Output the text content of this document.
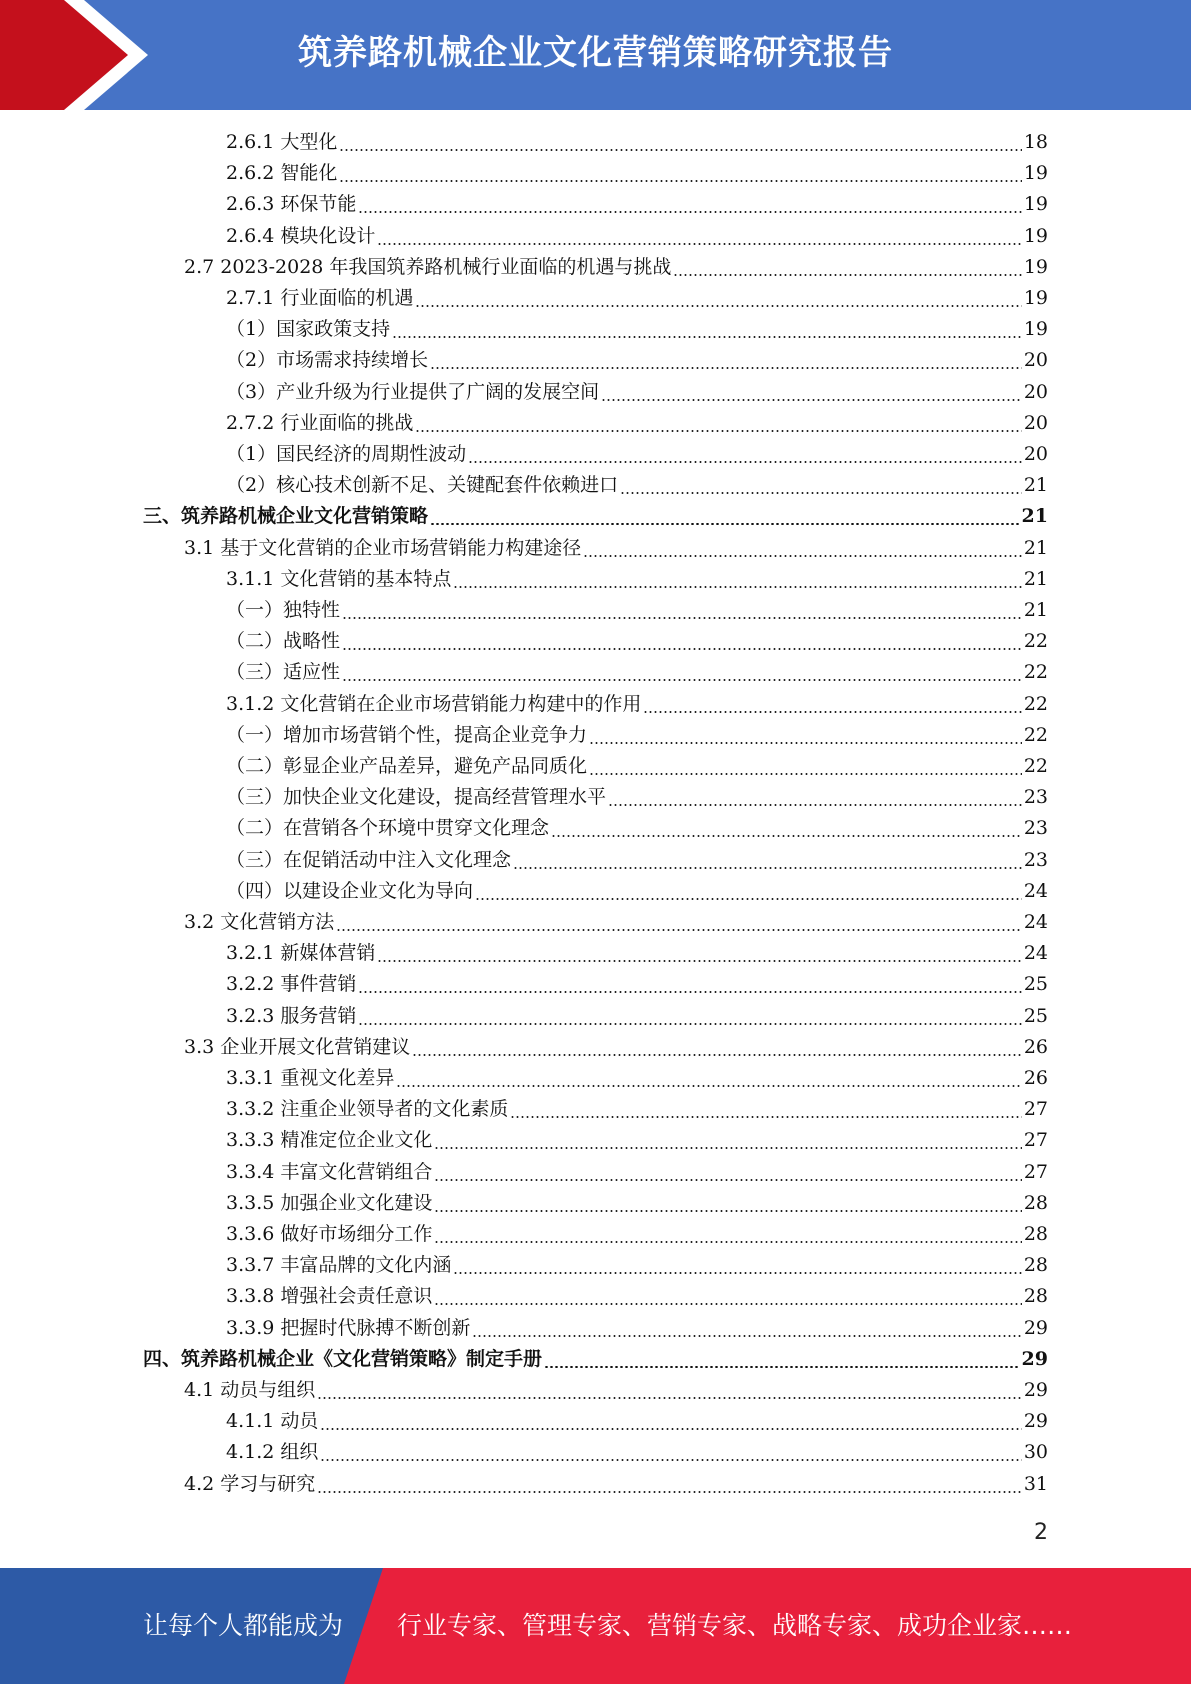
筑养路机械企业文化营销策略研究报告
2.6.1 大型化	18
2.6.2 智能化	19
2.6.3 环保节能	19
2.6.4 模块化设计	19
2.7 2023-2028 年我国筑养路机械行业面临的机遇与挑战	19
2.7.1 行业面临的机遇	19
（1）国家政策支持	19
（2）市场需求持续增长	20
（3）产业升级为行业提供了广阔的发展空间	20
2.7.2 行业面临的挑战	20
（1）国民经济的周期性波动	20
（2）核心技术创新不足、关键配套件依赖进口	21
三、筑养路机械企业文化营销策略	21
3.1 基于文化营销的企业市场营销能力构建途径	21
3.1.1 文化营销的基本特点	21
（一）独特性	21
（二）战略性	22
（三）适应性	22
3.1.2 文化营销在企业市场营销能力构建中的作用	22
（一）增加市场营销个性，提高企业竞争力	22
（二）彰显企业产品差异，避免产品同质化	22
（三）加快企业文化建设，提高经营管理水平	23
（二）在营销各个环境中贯穿文化理念	23
（三）在促销活动中注入文化理念	23
（四）以建设企业文化为导向	24
3.2 文化营销方法	24
3.2.1 新媒体营销	24
3.2.2 事件营销	25
3.2.3 服务营销	25
3.3 企业开展文化营销建议	26
3.3.1 重视文化差异	26
3.3.2 注重企业领导者的文化素质	27
3.3.3 精准定位企业文化	27
3.3.4 丰富文化营销组合	27
3.3.5 加强企业文化建设	28
3.3.6 做好市场细分工作	28
3.3.7 丰富品牌的文化内涵	28
3.3.8 增强社会责任意识	28
3.3.9 把握时代脉搏不断创新	29
四、筑养路机械企业《文化营销策略》制定手册	29
4.1 动员与组织	29
4.1.1 动员	29
4.1.2 组织	30
4.2 学习与研究	31
2
让每个人都能成为 行业专家、管理专家、营销专家、战略专家、成功企业家……
